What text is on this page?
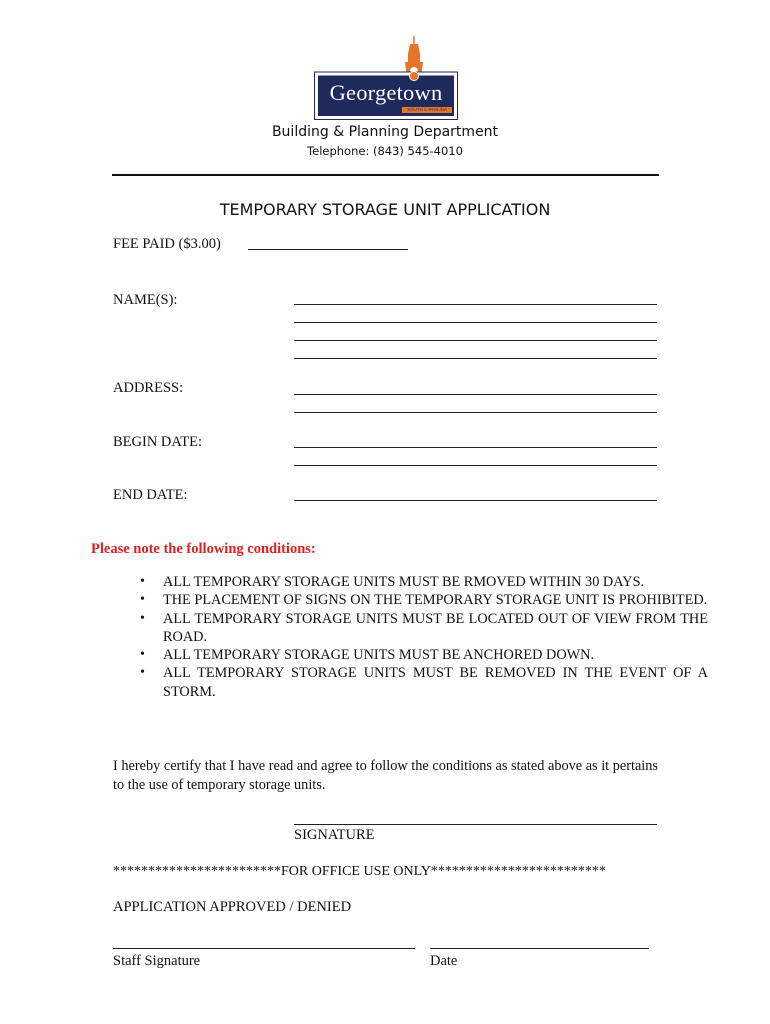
Georgetown
SOUTH CAROLINA
Building & Planning Department
Telephone: (843) 545-4010
TEMPORARY STORAGE UNIT APPLICATION
FEE PAID ($3.00)
NAME(S):
ADDRESS:
BEGIN DATE:
END DATE:
Please note the following conditions:
• ALL TEMPORARY STORAGE UNITS MUST BE RMOVED WITHIN 30 DAYS.
• THE PLACEMENT OF SIGNS ON THE TEMPORARY STORAGE UNIT IS PROHIBITED.
• ALL TEMPORARY STORAGE UNITS MUST BE LOCATED OUT OF VIEW FROM THE ROAD.
• ALL TEMPORARY STORAGE UNITS MUST BE ANCHORED DOWN.
• ALL TEMPORARY STORAGE UNITS MUST BE REMOVED IN THE EVENT OF A STORM.
I hereby certify that I have read and agree to follow the conditions as stated above as it pertains to the use of temporary storage units.
SIGNATURE
************************FOR OFFICE USE ONLY*************************
APPLICATION APPROVED / DENIED
Staff Signature	Date
